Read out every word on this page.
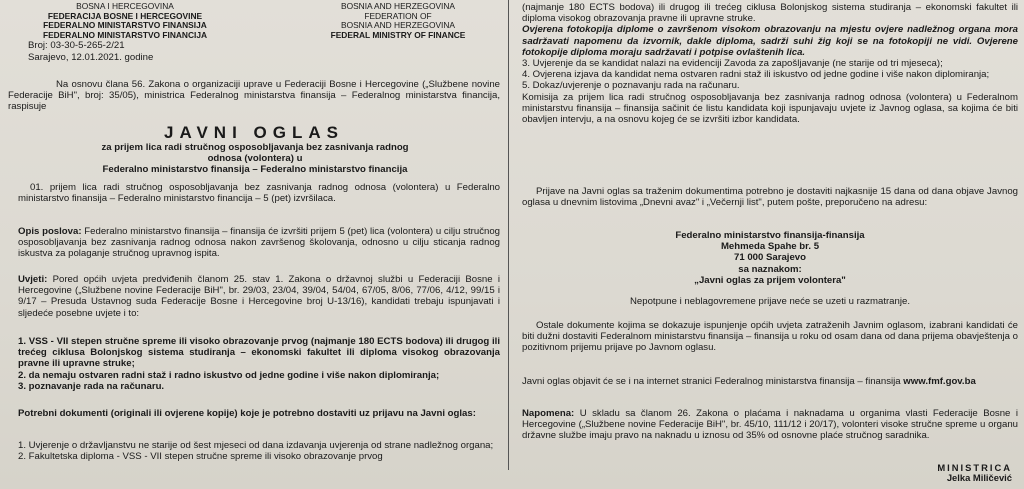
BOSNA I HERCEGOVINA
FEDERACIJA BOSNE I HERCEGOVINE
FEDERALNO MINISTARSTVO FINANSIJA
FEDERALNO MINISTARSTVO FINANCIJA
BOSNIA AND HERZEGOVINA
FEDERATION OF
BOSNIA AND HERZEGOVINA
FEDERAL MINISTRY OF FINANCE
Broj: 03-30-5-265-2/21
Sarajevo, 12.01.2021. godine

Na osnovu člana 56. Zakona o organizaciji uprave u Federaciji Bosne i Hercegovine („Službene novine Federacije BiH", broj: 35/05), ministrica Federalnog ministarstva finansija – Federalnog ministarstva financija, raspisuje

JAVNI OGLAS
za prijem lica radi stručnog osposobljavanja bez zasnivanja radnog
odnosa (volontera) u
Federalno ministarstvo finansija – Federalno ministarstvo financija

01. prijem lica radi stručnog osposobljavanja bez zasnivanja radnog odnosa (volontera) u Federalno ministarstvo finansija – Federalno ministarstvo financija – 5 (pet) izvršilaca.

Opis poslova: Federalno ministarstvo finansija – finansija će izvršiti prijem 5 (pet) lica (volontera) u cilju stručnog osposobljavanja bez zasnivanja radnog odnosa nakon završenog školovanja, odnosno u cilju sticanja radnog iskustva za polaganje stručnog upravnog ispita.

Uvjeti: Pored općih uvjeta predviđenih članom 25. stav 1. Zakona o državnoj službi u Federaciji Bosne i Hercegovine („Službene novine Federacije BiH", br. 29/03, 23/04, 39/04, 54/04, 67/05, 8/06, 77/06, 4/12, 99/15 i 9/17 – Presuda Ustavnog suda Federacije Bosne i Hercegovine broj U-13/16), kandidati trebaju ispunjavati i sljedeće posebne uvjete i to:

1. VSS - VII stepen stručne spreme ili visoko obrazovanje prvog (najmanje 180 ECTS bodova) ili drugog ili trećeg ciklusa Bolonjskog sistema studiranja – ekonomski fakultet ili diploma visokog obrazovanja pravne ili upravne struke;

2. da nemaju ostvaren radni staž i radno iskustvo od jedne godine i više nakon diplomiranja;

3. poznavanje rada na računaru.

Potrebni dokumenti (originali ili ovjerene kopije) koje je potrebno dostaviti uz prijavu na Javni oglas:

1. Uvjerenje o državljanstvu ne starije od šest mjeseci od dana izdavanja uvjerenja od strane nadležnog organa;

2. Fakultetska diploma - VSS - VII stepen stručne spreme ili visoko obrazovanje prvog

(najmanje 180 ECTS bodova) ili drugog ili trećeg ciklusa Bolonjskog sistema studiranja – ekonomski fakultet ili diploma visokog obrazovanja pravne ili upravne struke.

Ovjerena fotokopija diplome o završenom visokom obrazovanju na mjestu ovjere nadležnog organa mora sadržavati napomenu da izvornik, dakle diploma, sadrži suhi žig koji se na fotokopiji ne vidi. Ovjerene fotokopije diploma moraju sadržavati i potpise ovlaštenih lica.

3. Uvjerenje da se kandidat nalazi na evidenciji Zavoda za zapošljavanje (ne starije od tri mjeseca);

4. Ovjerena izjava da kandidat nema ostvaren radni staž ili iskustvo od jedne godine i više nakon diplomiranja;

5. Dokaz/uvjerenje o poznavanju rada na računaru.

Komisija za prijem lica radi stručnog osposobljavanja bez zasnivanja radnog odnosa (volontera) u Federalnom ministarstvu finansija – finansija sačinit će listu kandidata koji ispunjavaju uvjete iz Javnog oglasa, sa kojima će biti obavljen intervju, a na osnovu kojeg će se izvršiti izbor kandidata.

Prijave na Javni oglas sa traženim dokumentima potrebno je dostaviti najkasnije 15 dana od dana objave Javnog oglasa u dnevnim listovima „Dnevni avaz" i „Večernji list", putem pošte, preporučeno na adresu:

Federalno ministarstvo finansija-finansija
Mehmeda Spahe br. 5
71 000 Sarajevo
sa naznakom:
„Javni oglas za prijem volontera"

Nepotpune i neblagovremene prijave neće se uzeti u razmatranje.

Ostale dokumente kojima se dokazuje ispunjenje općih uvjeta zatraženih Javnim oglasom, izabrani kandidati će biti dužni dostaviti Federalnom ministarstvu finansija – finansija u roku od osam dana od dana prijema obavještenja o pozitivnom prijemu prijave po Javnom oglasu.

Javni oglas objavit će se i na internet stranici Federalnog ministarstva finansija – finansija www.fmf.gov.ba

Napomena: U skladu sa članom 26. Zakona o plaćama i naknadama u organima vlasti Federacije Bosne i Hercegovine („Službene novine Federacije BiH", br. 45/10, 111/12 i 20/17), volonteri visoke stručne spreme u organu državne službe imaju pravo na naknadu u iznosu od 35% od osnovne plaće stručnog saradnika.

MINISTRICA
Jelka Miličević
